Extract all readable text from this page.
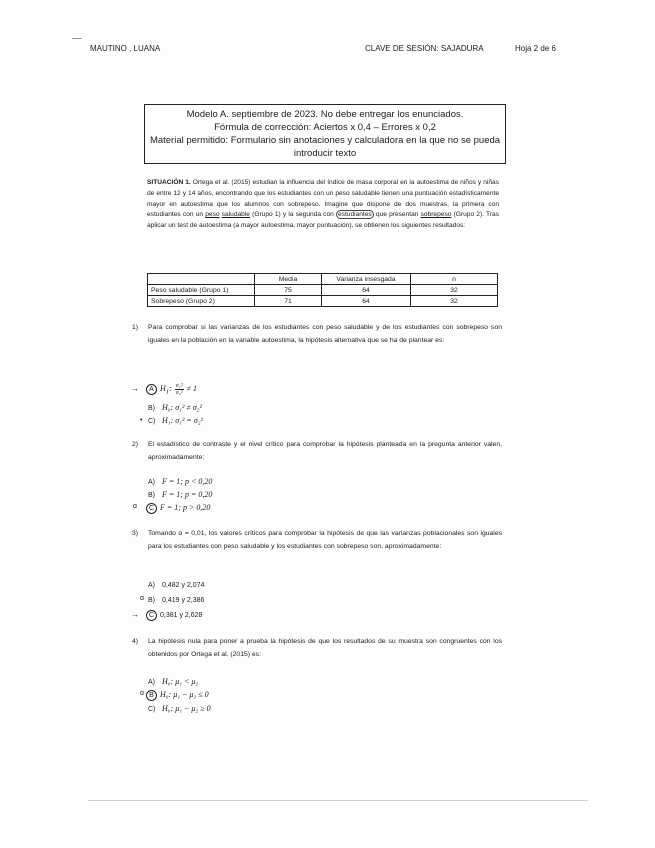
MAUTINO , LUANA	CLAVE DE SESIÓN: SAJADURA	Hoja 2 de 6
Modelo A. septiembre de 2023. No debe entregar los enunciados.
Fórmula de corrección: Aciertos x 0,4 – Errores x 0,2
Material permitido: Formulario sin anotaciones y calculadora en la que no se pueda introducir texto
SITUACIÓN 1. Ortega et al. (2015) estudian la influencia del índice de masa corporal en la autoestima de niños y niñas de entre 12 y 14 años, encontrando que los estudiantes con un peso saludable tienen una puntuación estadísticamente mayor en autoestima que los alumnos con sobrepeso. Imagine que dispone de dos muestras, la primera con estudiantes con un peso saludable (Grupo 1) y la segunda con estudiantes que presentan sobrepeso (Grupo 2). Tras aplicar un test de autoestima (a mayor autoestima, mayor puntuación), se obtienen los siguientes resultados:
	Media	Varianza insesgada	n
Peso saludable (Grupo 1)	75	64	32
Sobrepeso (Grupo 2)	71	64	32
1) Para comprobar si las varianzas de los estudiantes con peso saludable y de los estudiantes con sobrepeso son iguales en la población en la variable autoestima, la hipótesis alternativa que se ha de plantear es:
→
•
A $H_1$: $\frac{\text{σ₁²}}{\text{σ₂²}} \ne 1$
B) H₀: σ₁² ≠ σ₂²
C) H₁: σ₁² = σ₂²
2) El estadístico de contraste y el nivel crítico para comprobar la hipótesis planteada en la pregunta anterior valen, aproximadamente:
A) F = 1; p < 0,20
B) F = 1; p = 0,20
ɑ C F = 1; p > 0,20
3) Tomando α = 0,01, los valores críticos para comprobar la hipótesis de que las varianzas poblacionales son iguales para los estudiantes con peso saludable y los estudiantes con sobrepeso son, aproximadamente:
A) 0,482 y 2,074
ɑ B) 0,419 y 2,386
→ C 0,381 y 2,628
4) La hipótesis nula para poner a prueba la hipótesis de que los resultados de su muestra son congruentes con los obtenidos por Ortega et al. (2015) es:
A) H₀: μ₁ < μ₂
ɑ B H₀: μ₁ − μ₂ ≤ 0
C) H₀: μ₁ − μ₂ ≥ 0
